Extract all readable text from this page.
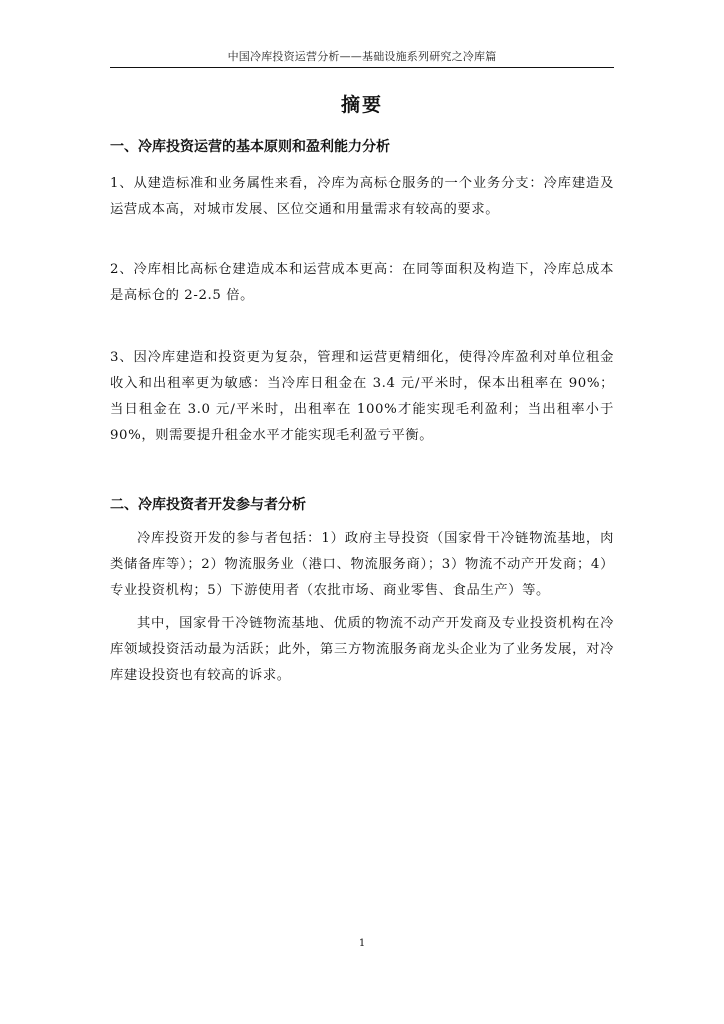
中国冷库投资运营分析——基础设施系列研究之冷库篇
摘要
一、冷库投资运营的基本原则和盈利能力分析
1、从建造标准和业务属性来看，冷库为高标仓服务的一个业务分支：冷库建造及运营成本高，对城市发展、区位交通和用量需求有较高的要求。
2、冷库相比高标仓建造成本和运营成本更高：在同等面积及构造下，冷库总成本是高标仓的 2-2.5 倍。
3、因冷库建造和投资更为复杂，管理和运营更精细化，使得冷库盈利对单位租金收入和出租率更为敏感：当冷库日租金在 3.4 元/平米时，保本出租率在 90%；当日租金在 3.0 元/平米时，出租率在 100%才能实现毛利盈利；当出租率小于 90%，则需要提升租金水平才能实现毛利盈亏平衡。
二、冷库投资者开发参与者分析
冷库投资开发的参与者包括：1）政府主导投资（国家骨干冷链物流基地，肉类储备库等）；2）物流服务业（港口、物流服务商）；3）物流不动产开发商；4）专业投资机构；5）下游使用者（农批市场、商业零售、食品生产）等。
其中，国家骨干冷链物流基地、优质的物流不动产开发商及专业投资机构在冷库领域投资活动最为活跃；此外，第三方物流服务商龙头企业为了业务发展，对冷库建设投资也有较高的诉求。
1
